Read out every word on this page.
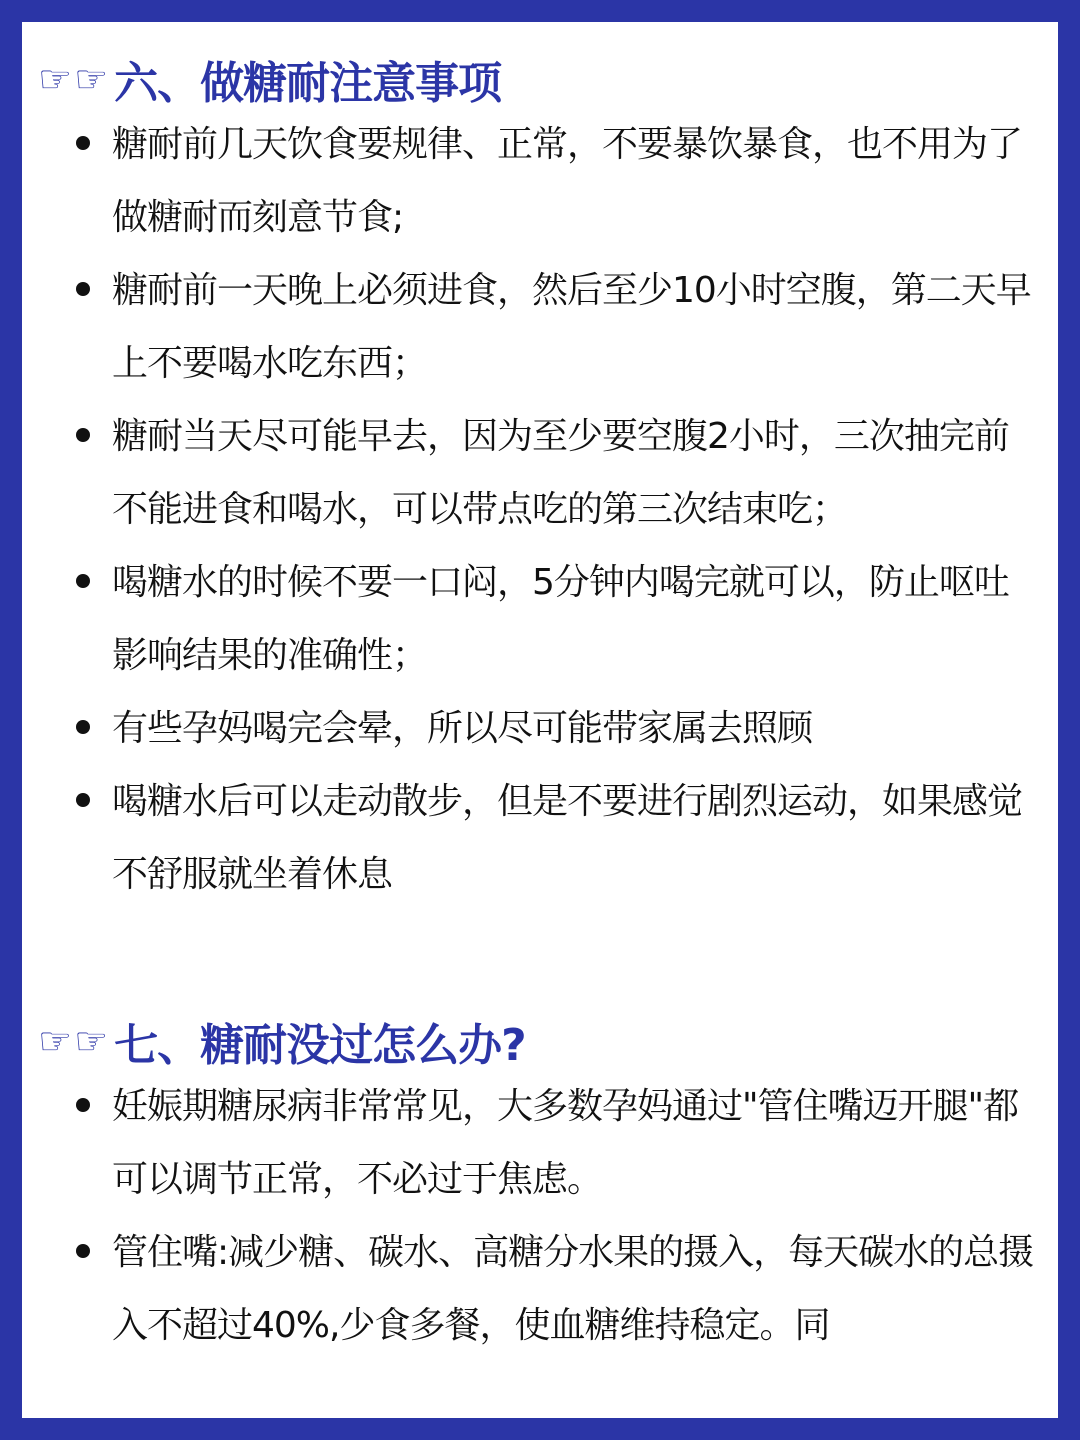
☞ ☞ 六、做糖耐注意事项
糖耐前几天饮食要规律、正常，不要暴饮暴食，也不用为了做糖耐而刻意节食;
糖耐前一天晚上必须进食，然后至少10小时空腹，第二天早上不要喝水吃东西；
糖耐当天尽可能早去，因为至少要空腹2小时，三次抽完前不能进食和喝水，可以带点吃的第三次结束吃；
喝糖水的时候不要一口闷，5分钟内喝完就可以，防止呕吐影响结果的准确性；
有些孕妈喝完会晕，所以尽可能带家属去照顾
喝糖水后可以走动散步，但是不要进行剧烈运动，如果感觉不舒服就坐着休息
☞ ☞ 七、糖耐没过怎么办?
妊娠期糖尿病非常常见，大多数孕妈通过"管住嘴迈开腿"都可以调节正常，不必过于焦虑。
管住嘴:减少糖、碳水、高糖分水果的摄入，每天碳水的总摄入不超过40%,少食多餐，使血糖维持稳定。同
